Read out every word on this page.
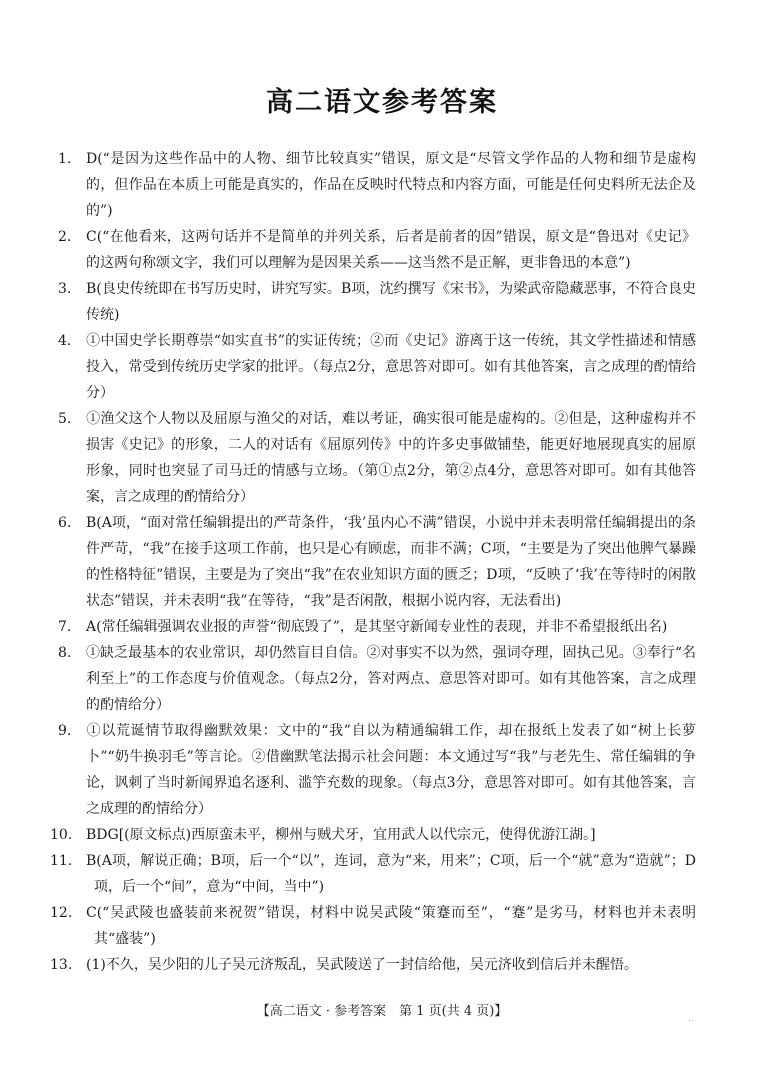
高二语文参考答案
1. D(“是因为这些作品中的人物、细节比较真实”错误，原文是“尽管文学作品的人物和细节是虚构的，但作品在本质上可能是真实的，作品在反映时代特点和内容方面，可能是任何史料所无法企及的”)
2. C(“在他看来，这两句话并不是简单的并列关系，后者是前者的因”错误，原文是“鲁迅对《史记》的这两句称颂文字，我们可以理解为是因果关系——这当然不是正解，更非鲁迅的本意”)
3. B(良史传统即在书写历史时，讲究写实。B项，沈约撰写《宋书》，为梁武帝隐藏恶事，不符合良史传统)
4. ①中国史学长期尊崇“如实直书”的实证传统；②而《史记》游离于这一传统，其文学性描述和情感投入，常受到传统历史学家的批评。（每点2分，意思答对即可。如有其他答案，言之成理的酌情给分）
5. ①渔父这个人物以及屈原与渔父的对话，难以考证，确实很可能是虚构的。②但是，这种虚构并不损害《史记》的形象，二人的对话有《屈原列传》中的许多史事做铺垫，能更好地展现真实的屈原形象，同时也突显了司马迁的情感与立场。（第①点2分，第②点4分，意思答对即可。如有其他答案，言之成理的酌情给分）
6. B(A项，“面对常任编辑提出的严苛条件，‘我’虽内心不满”错误，小说中并未表明常任编辑提出的条件严苛，“我”在接手这项工作前，也只是心有顾虑，而非不满；C项，“主要是为了突出他脾气暴躁的性格特征”错误，主要是为了突出“我”在农业知识方面的匮乏；D项，“反映了‘我’在等待时的闲散状态”错误，并未表明“我”在等待，“我”是否闲散，根据小说内容，无法看出)
7. A(常任编辑强调农业报的声誉“彻底毁了”，是其坚守新闻专业性的表现，并非不希望报纸出名)
8. ①缺乏最基本的农业常识，却仍然盲目自信。②对事实不以为然，强词夺理，固执己见。③奉行“名利至上”的工作态度与价值观念。（每点2分，答对两点、意思答对即可。如有其他答案，言之成理的酌情给分）
9. ①以荒诞情节取得幽默效果：文中的“我”自以为精通编辑工作，却在报纸上发表了如“树上长萝卜”“奶牛换羽毛”等言论。②借幽默笔法揭示社会问题：本文通过写“我”与老先生、常任编辑的争论，讽刺了当时新闻界追名逐利、滥竽充数的现象。（每点3分，意思答对即可。如有其他答案，言之成理的酌情给分）
10. BDG[(原文标点)西原蛮未平，柳州与贼犬牙，宜用武人以代宗元，使得优游江湖。]
11. B(A项，解说正确；B项，后一个“以”，连词，意为“来，用来”；C项，后一个“就”意为“造就”；D项，后一个“间”，意为“中间，当中”)
12. C(“吴武陵也盛装前来祝贺”错误，材料中说吴武陵“策蹇而至”，“蹇”是劣马，材料也并未表明其“盛装”)
13. (1)不久，吴少阳的儿子吴元济叛乱，吴武陵送了一封信给他，吴元济收到信后并未醒悟。
【高二语文 · 参考答案　第 1 页(共 4 页)】	..
